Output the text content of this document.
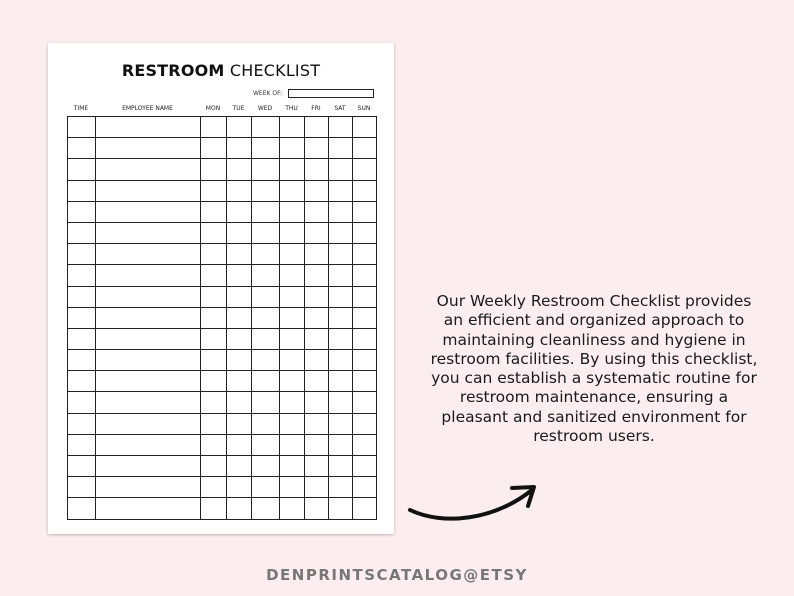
RESTROOM CHECKLIST
WEEK OF:
TIME	EMPLOYEE NAME	MON	TUE	WED	THU	FRI	SAT	SUN

Our Weekly Restroom Checklist provides an efficient and organized approach to maintaining cleanliness and hygiene in restroom facilities. By using this checklist, you can establish a systematic routine for restroom maintenance, ensuring a pleasant and sanitized environment for restroom users.
DENPRINTSCATALOG@ETSY
